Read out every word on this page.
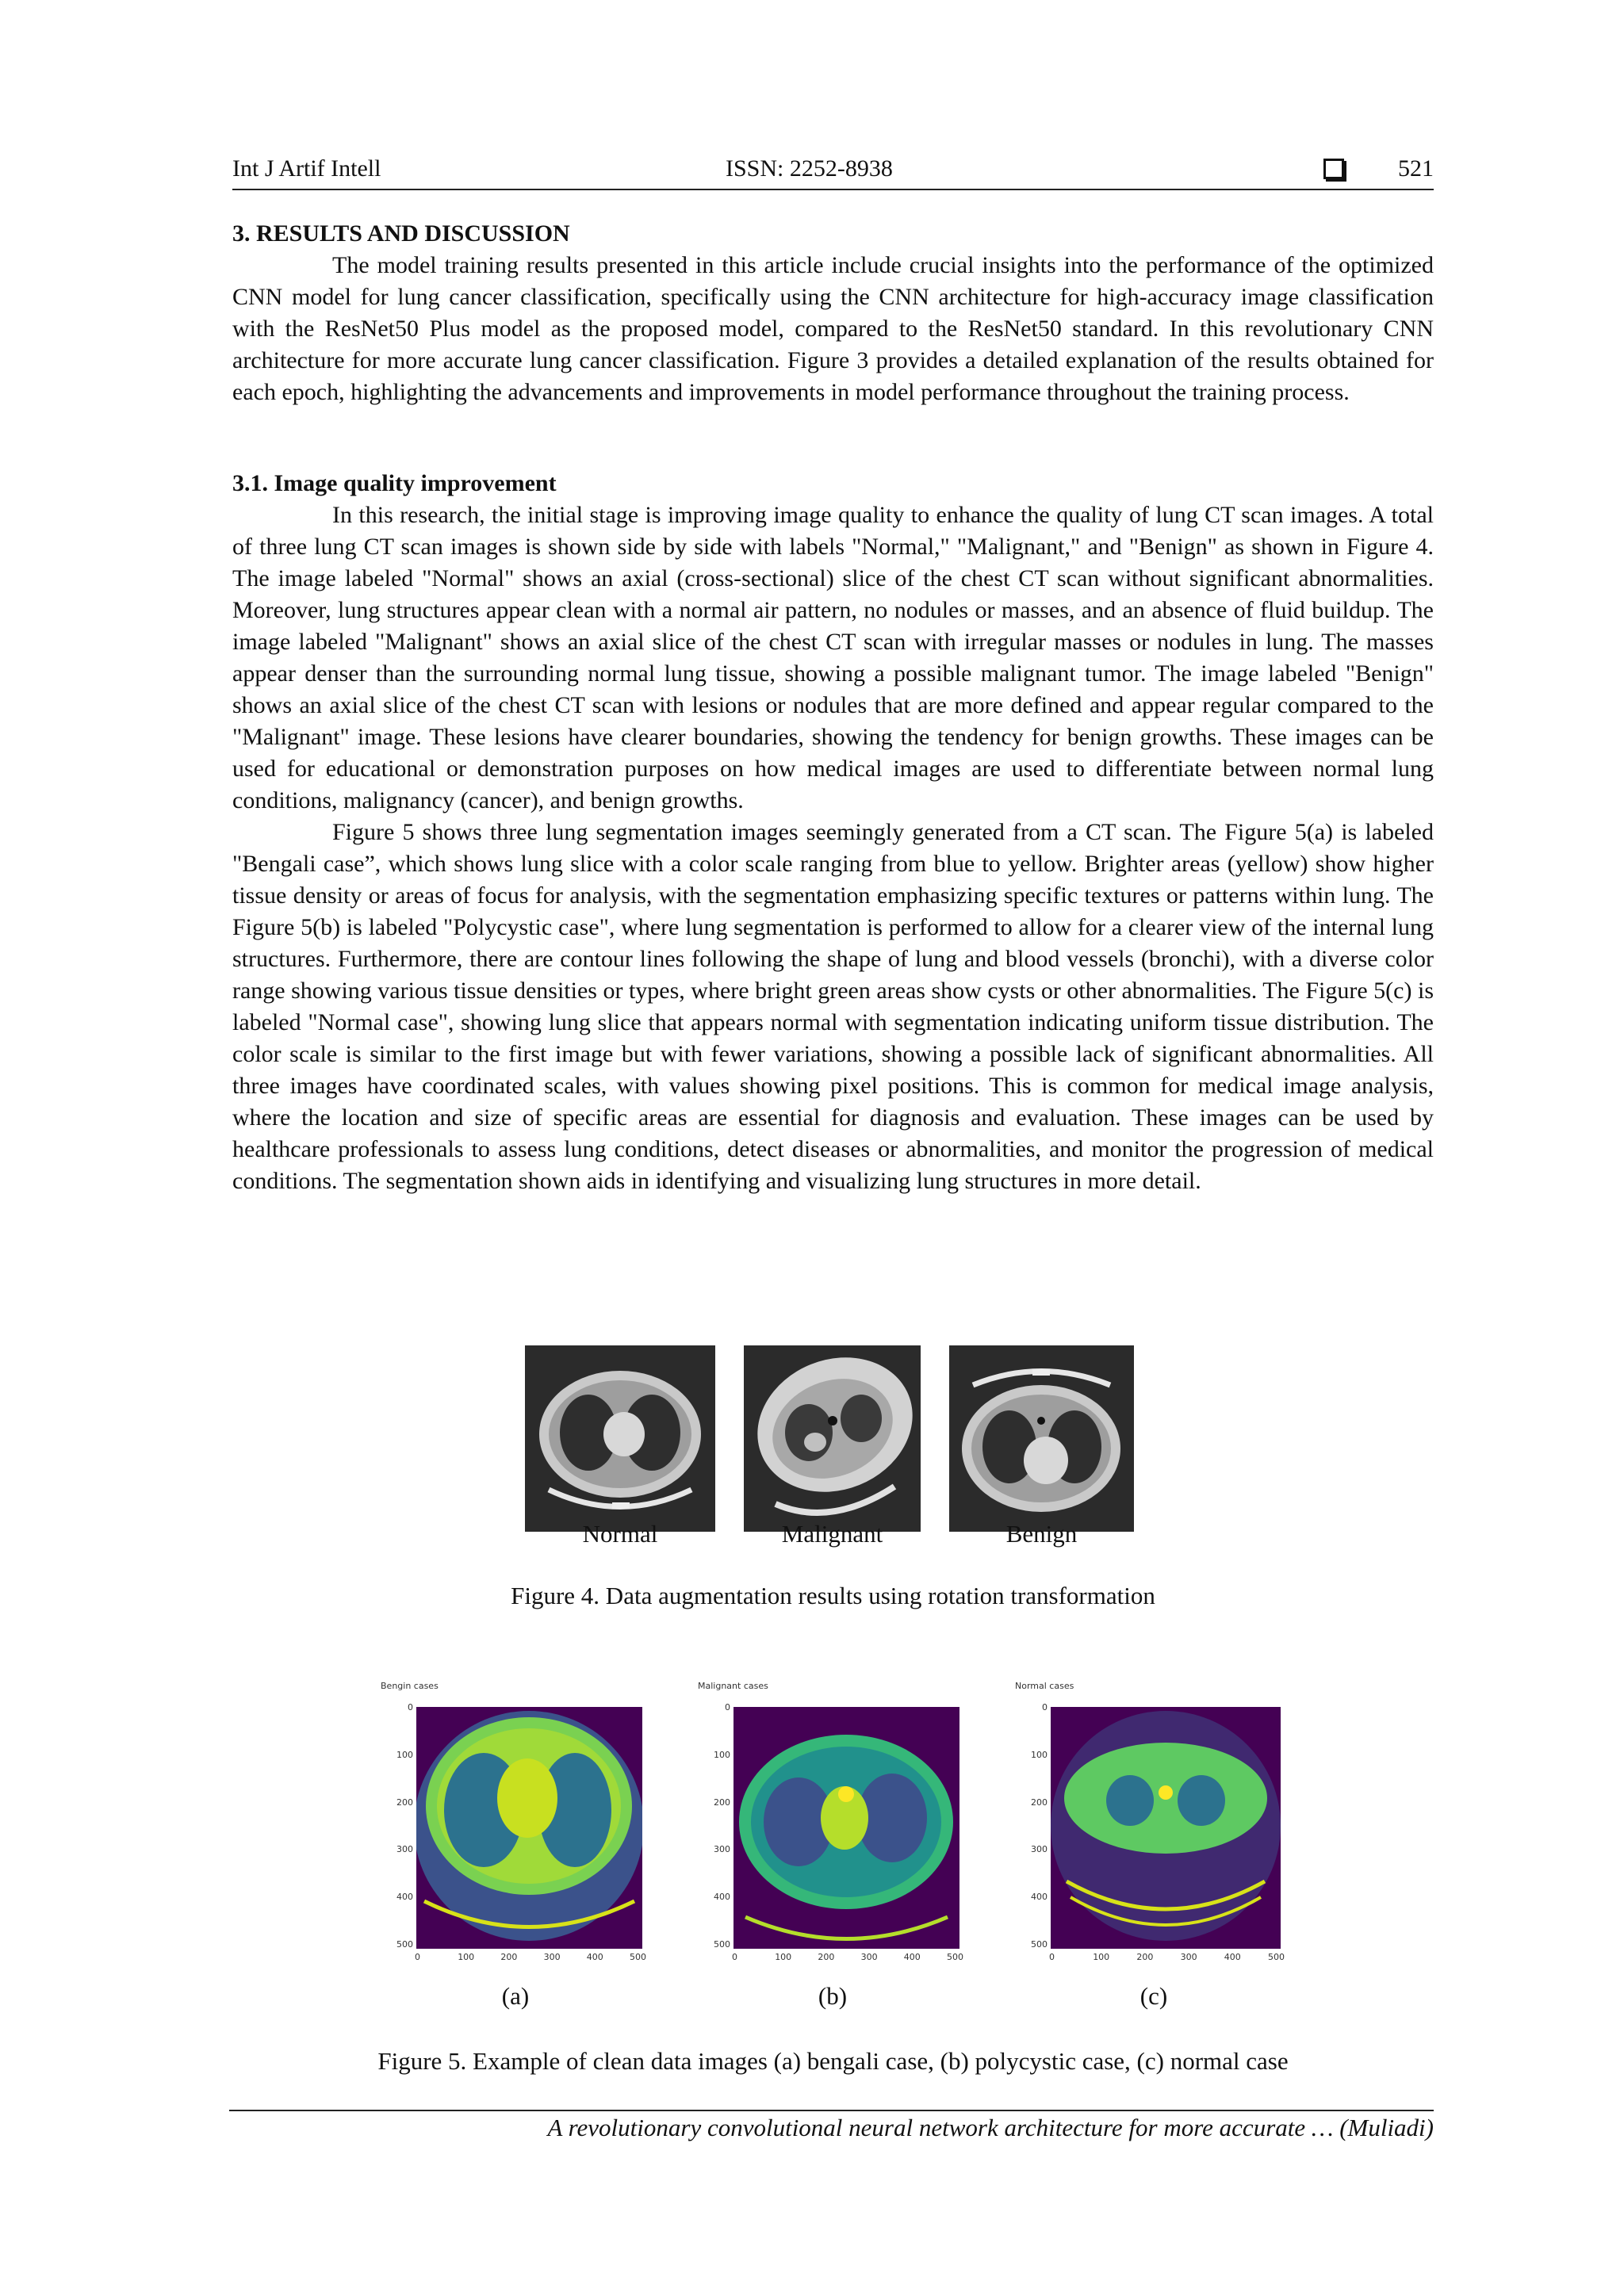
Int J Artif Intell	ISSN: 2252-8938	521
3. RESULTS AND DISCUSSION
The model training results presented in this article include crucial insights into the performance of the optimized CNN model for lung cancer classification, specifically using the CNN architecture for high-accuracy image classification with the ResNet50 Plus model as the proposed model, compared to the ResNet50 standard. In this revolutionary CNN architecture for more accurate lung cancer classification. Figure 3 provides a detailed explanation of the results obtained for each epoch, highlighting the advancements and improvements in model performance throughout the training process.
3.1. Image quality improvement
In this research, the initial stage is improving image quality to enhance the quality of lung CT scan images. A total of three lung CT scan images is shown side by side with labels "Normal," "Malignant," and "Benign" as shown in Figure 4. The image labeled "Normal" shows an axial (cross-sectional) slice of the chest CT scan without significant abnormalities. Moreover, lung structures appear clean with a normal air pattern, no nodules or masses, and an absence of fluid buildup. The image labeled "Malignant" shows an axial slice of the chest CT scan with irregular masses or nodules in lung. The masses appear denser than the surrounding normal lung tissue, showing a possible malignant tumor. The image labeled "Benign" shows an axial slice of the chest CT scan with lesions or nodules that are more defined and appear regular compared to the "Malignant" image. These lesions have clearer boundaries, showing the tendency for benign growths. These images can be used for educational or demonstration purposes on how medical images are used to differentiate between normal lung conditions, malignancy (cancer), and benign growths.
Figure 5 shows three lung segmentation images seemingly generated from a CT scan. The Figure 5(a) is labeled "Bengali case”, which shows lung slice with a color scale ranging from blue to yellow. Brighter areas (yellow) show higher tissue density or areas of focus for analysis, with the segmentation emphasizing specific textures or patterns within lung. The Figure 5(b) is labeled "Polycystic case", where lung segmentation is performed to allow for a clearer view of the internal lung structures. Furthermore, there are contour lines following the shape of lung and blood vessels (bronchi), with a diverse color range showing various tissue densities or types, where bright green areas show cysts or other abnormalities. The Figure 5(c) is labeled "Normal case", showing lung slice that appears normal with segmentation indicating uniform tissue distribution. The color scale is similar to the first image but with fewer variations, showing a possible lack of significant abnormalities. All three images have coordinated scales, with values showing pixel positions. This is common for medical image analysis, where the location and size of specific areas are essential for diagnosis and evaluation. These images can be used by healthcare professionals to assess lung conditions, detect diseases or abnormalities, and monitor the progression of medical conditions. The segmentation shown aids in identifying and visualizing lung structures in more detail.
Normal	Malignant	Benign
Figure 4. Data augmentation results using rotation transformation
Bengin cases
0
100
200
300
400
500
0	100	200	300	400	500
Malignant cases
0
100
200
300
400
500
0	100	200	300	400	500
Normal cases
0
100
200
300
400
500
0	100	200	300	400	500
(a)	(b)	(c)
Figure 5. Example of clean data images (a) bengali case, (b) polycystic case, (c) normal case
A revolutionary convolutional neural network architecture for more accurate … (Muliadi)
